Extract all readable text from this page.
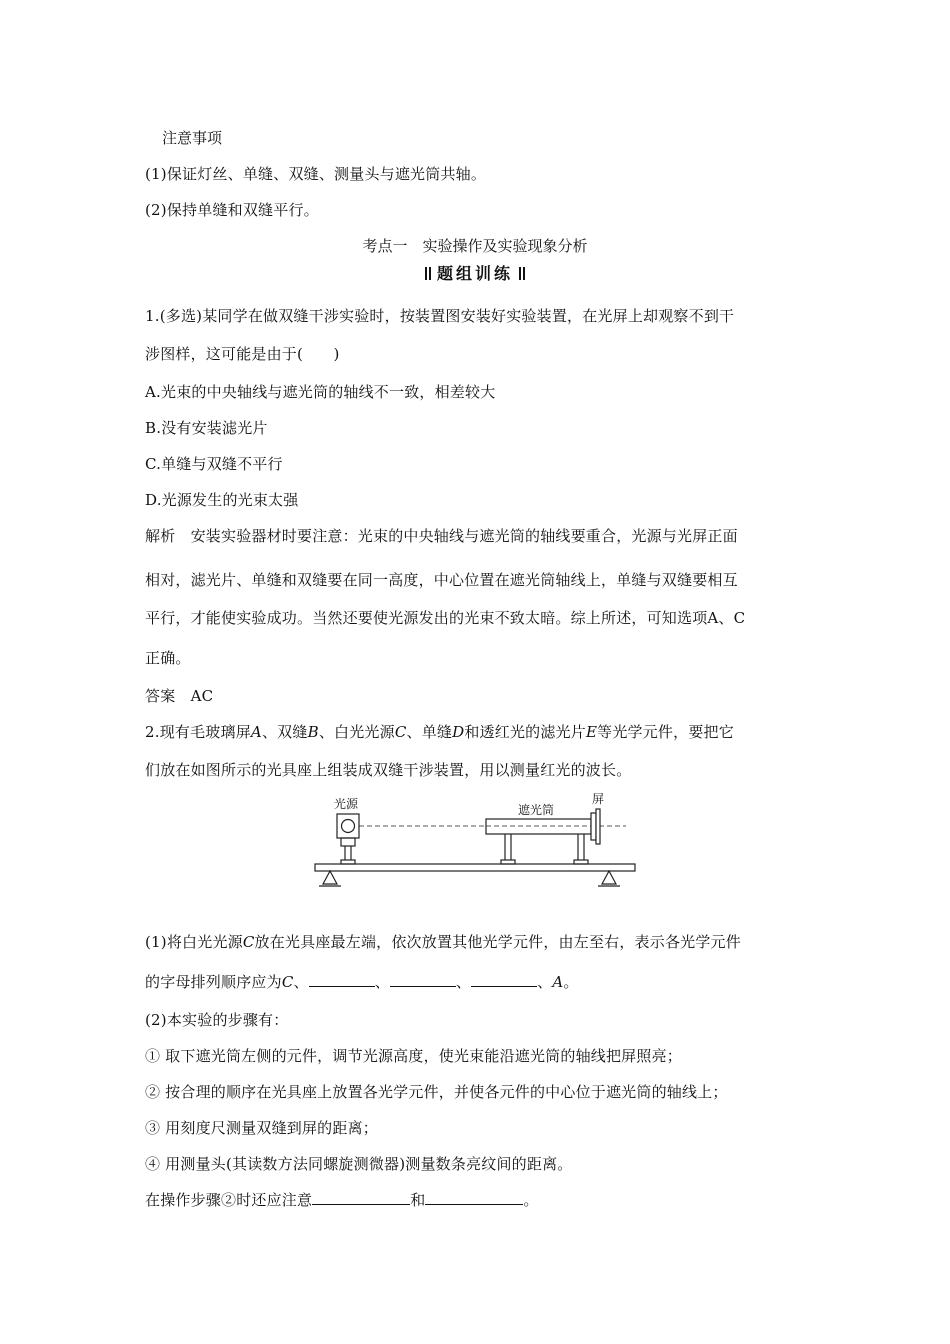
注意事项
(1)保证灯丝、单缝、双缝、测量头与遮光筒共轴。
(2)保持单缝和双缝平行。
考点一　实验操作及实验现象分析
题组训练
1.(多选)某同学在做双缝干涉实验时，按装置图安装好实验装置，在光屏上却观察不到干
涉图样，这可能是由于(　　)
A.光束的中央轴线与遮光筒的轴线不一致，相差较大
B.没有安装滤光片
C.单缝与双缝不平行
D.光源发生的光束太强
解析　安装实验器材时要注意：光束的中央轴线与遮光筒的轴线要重合，光源与光屏正面
相对，滤光片、单缝和双缝要在同一高度，中心位置在遮光筒轴线上，单缝与双缝要相互
平行，才能使实验成功。当然还要使光源发出的光束不致太暗。综上所述，可知选项A、C
正确。
答案　AC
2.现有毛玻璃屏A、双缝B、白光光源C、单缝D和透红光的滤光片E等光学元件，要把它
们放在如图所示的光具座上组装成双缝干涉装置，用以测量红光的波长。
光源	遮光筒
屏
(1)将白光光源C放在光具座最左端，依次放置其他光学元件，由左至右，表示各光学元件
的字母排列顺序应为C、	、	、	、A。
(2)本实验的步骤有：
① 取下遮光筒左侧的元件，调节光源高度，使光束能沿遮光筒的轴线把屏照亮；
② 按合理的顺序在光具座上放置各光学元件，并使各元件的中心位于遮光筒的轴线上；
③ 用刻度尺测量双缝到屏的距离；
④ 用测量头(其读数方法同螺旋测微器)测量数条亮纹间的距离。
在操作步骤②时还应注意	和	。
